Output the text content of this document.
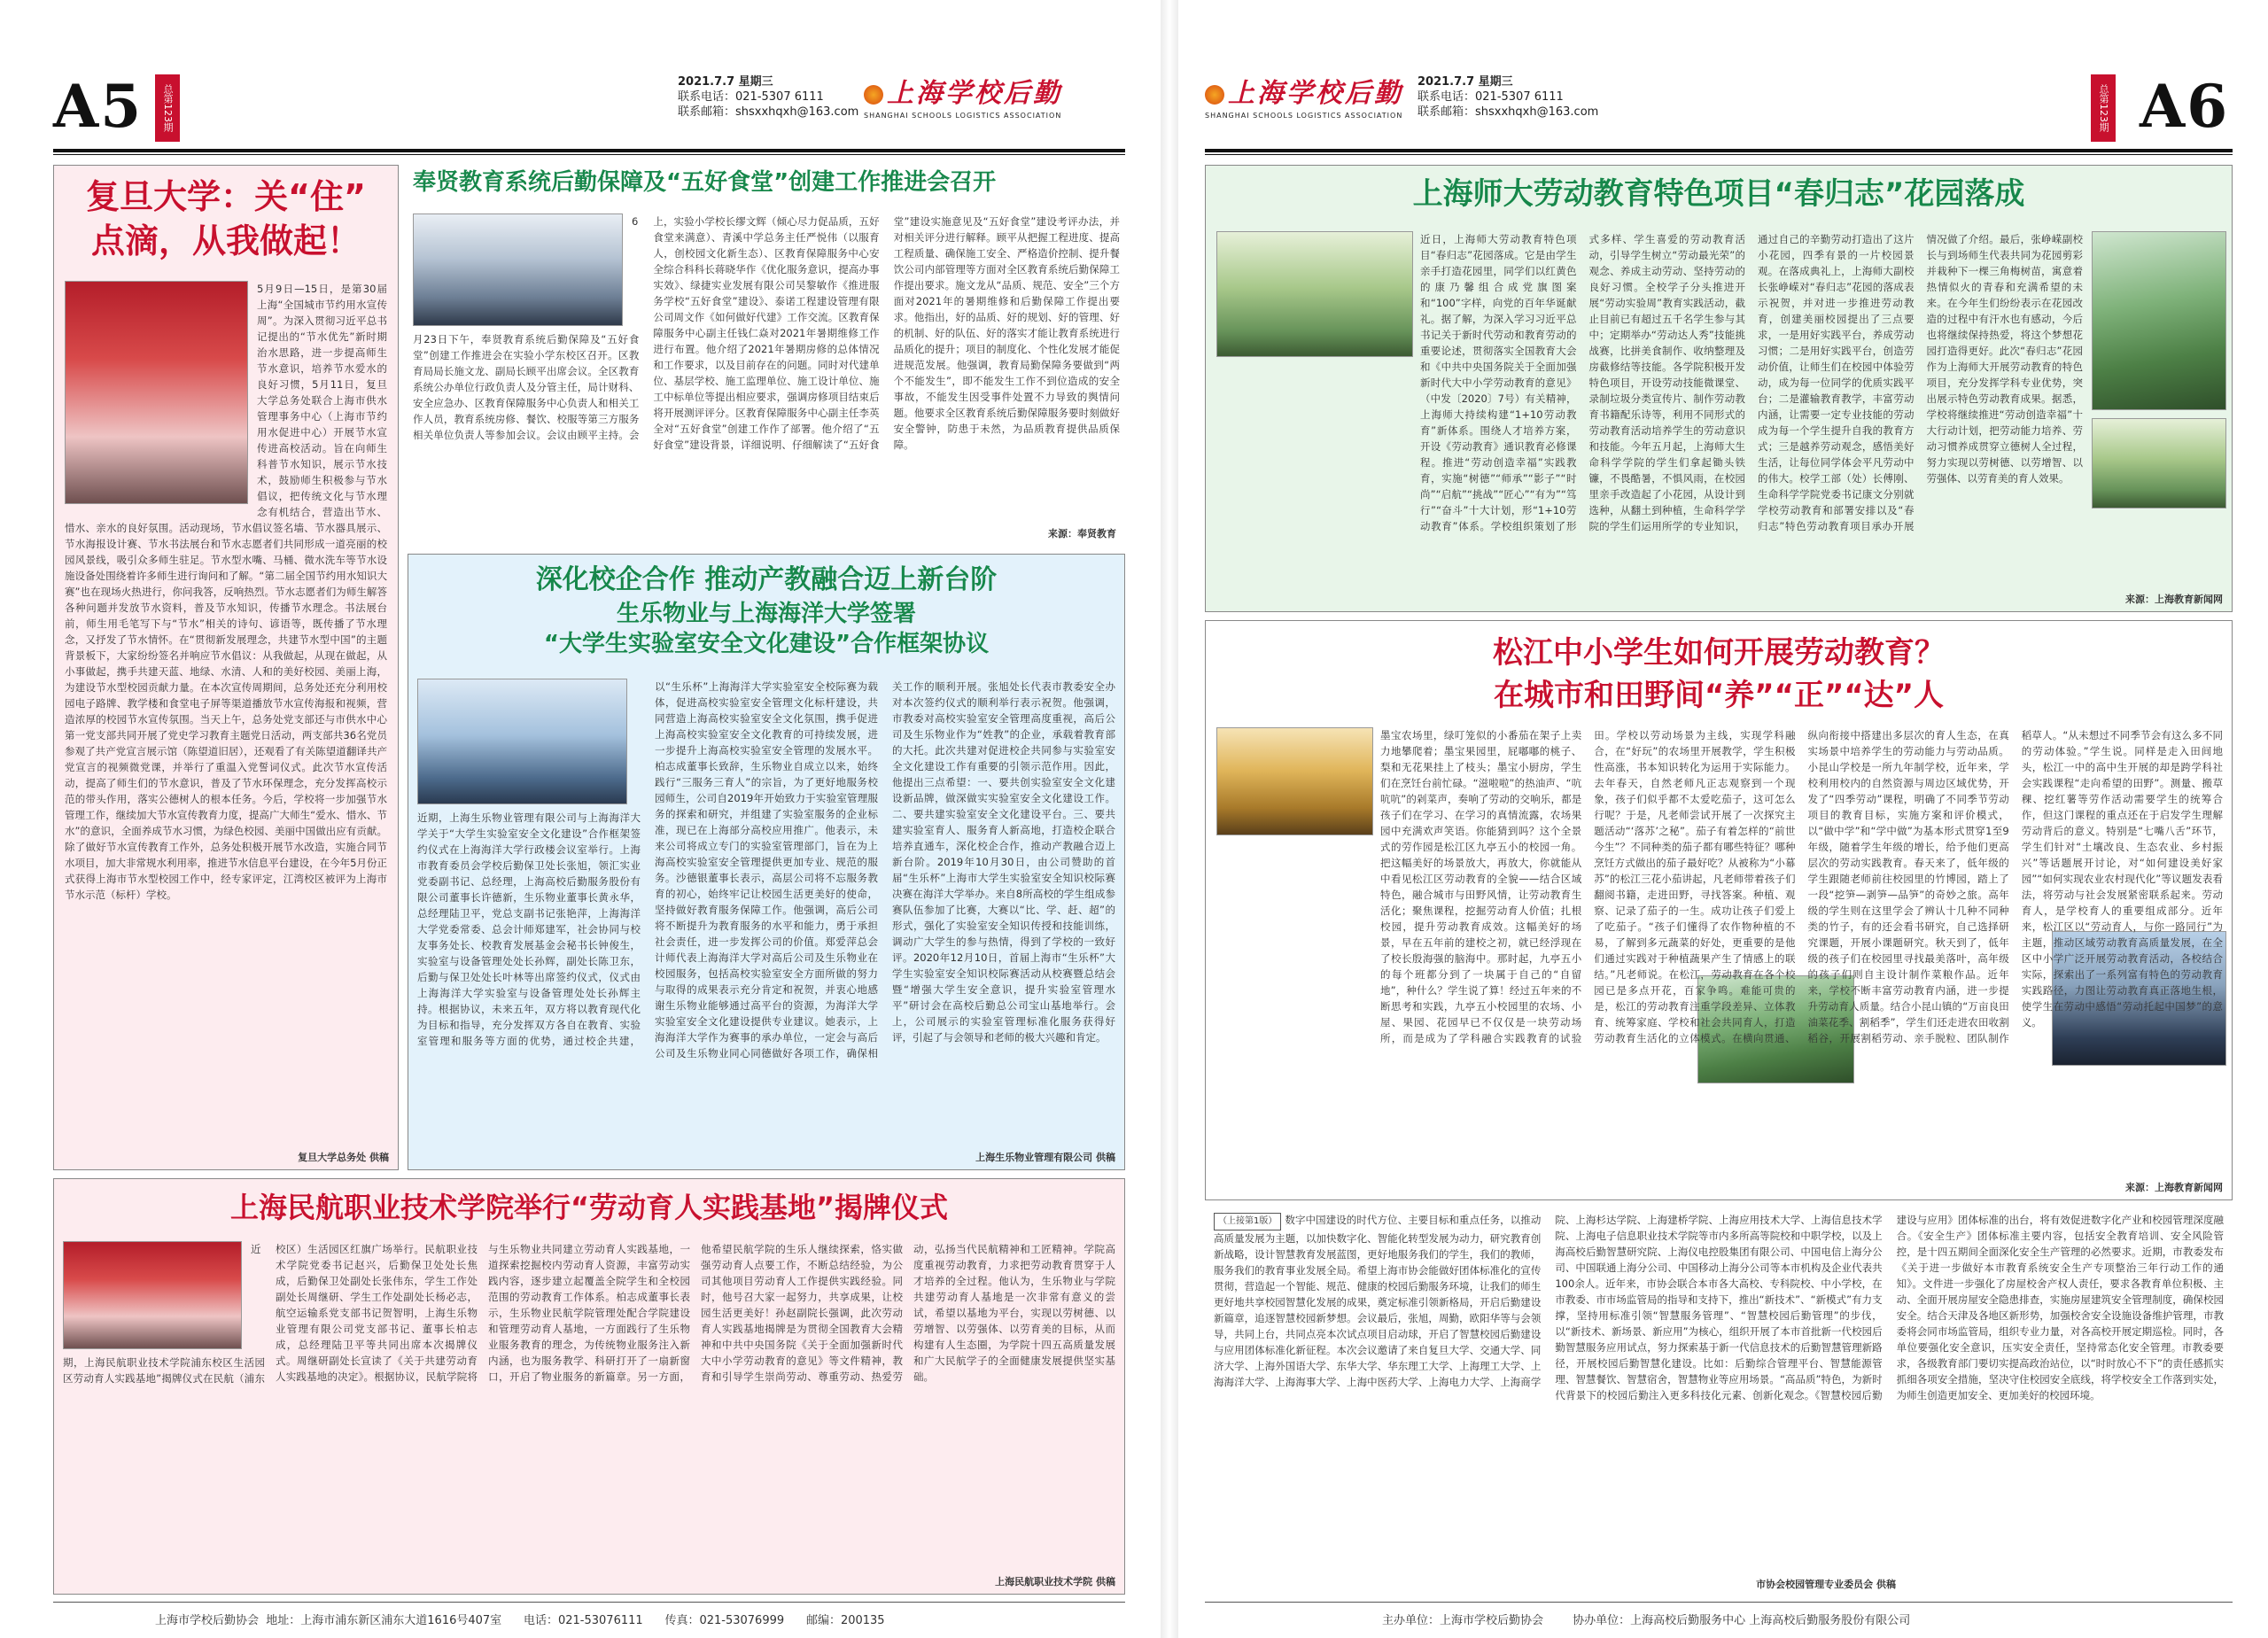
A5	总第123期
2021.7.7 星期三
联系电话：021-5307 6111
联系邮箱：shsxxhqxh@163.com
上海学校后勤
SHANGHAI SCHOOLS LOGISTICS ASSOCIATION
复旦大学：关“住”
点滴，从我做起！
5月9日—15日，是第30届上海“全国城市节约用水宣传周”。为深入贯彻习近平总书记提出的“节水优先”新时期治水思路，进一步提高师生节水意识，培养节水爱水的良好习惯，5月11日，复旦大学总务处联合上海市供水管理事务中心（上海市节约用水促进中心）开展节水宣传进高校活动。旨在向师生科普节水知识，展示节水技术，鼓励师生积极参与节水倡议，把传统文化与节水理念有机结合，营造出节水、惜水、亲水的良好氛围。活动现场，节水倡议签名墙、节水器具展示、节水海报设计赛、节水书法展台和节水志愿者们共同形成一道亮丽的校园风景线，吸引众多师生驻足。节水型水嘴、马桶、微水洗车等节水设施设备处围绕着许多师生进行询问和了解。“第二届全国节约用水知识大赛”也在现场火热进行，你问我答，反响热烈。节水志愿者们为师生解答各种问题并发放节水资料，普及节水知识，传播节水理念。书法展台前，师生用毛笔写下与“节水”相关的诗句、谚语等，既传播了节水理念，又抒发了节水情怀。在“贯彻新发展理念，共建节水型中国”的主题背景板下，大家纷纷签名并响应节水倡议：从我做起，从现在做起，从小事做起，携手共建天蓝、地绿、水清、人和的美好校园、美丽上海，为建设节水型校园贡献力量。在本次宣传周期间，总务处还充分利用校园电子路牌、教学楼和食堂电子屏等渠道播放节水宣传海报和视频，营造浓厚的校园节水宣传氛围。当天上午，总务处党支部还与市供水中心第一党支部共同开展了党史学习教育主题党日活动，两支部共36名党员参观了共产党宣言展示馆（陈望道旧居），还观看了有关陈望道翻译共产党宣言的视频微党课，并举行了重温入党誓词仪式。此次节水宣传活动，提高了师生们的节水意识，普及了节水环保理念，充分发挥高校示范的带头作用，落实公德树人的根本任务。今后，学校将一步加强节水管理工作，继续加大节水宣传教育力度，提高广大师生“爱水、惜水、节水”的意识，全面养成节水习惯，为绿色校园、美丽中国做出应有贡献。除了做好节水宣传教育工作外，总务处积极开展节水改造，实施合同节水项目，加大非常规水利用率，推进节水信息平台建设，在今年5月份正式获得上海市节水型校园工作中，经专家评定，江湾校区被评为上海市节水示范（标杆）学校。
复旦大学总务处 供稿
奉贤教育系统后勤保障及“五好食堂”创建工作推进会召开
6月23日下午，奉贤教育系统后勤保障及“五好食堂”创建工作推进会在实验小学东校区召开。区教育局局长施文龙、副局长顾平出席会议。全区教育系统公办单位行政负责人及分管主任，局计财科、安全应急办、区教育保障服务中心负责人和相关工作人员，教育系统房修、餐饮、校服等第三方服务相关单位负责人等参加会议。会议由顾平主持。会上，实验小学校长缪文辉（倾心尽力促品质，五好食堂来满意）、青溪中学总务主任严悦伟（以服育人，创校园文化新生态）、区教育保障服务中心安全综合科科长蒋晓华作《优化服务意识，提高办事实效》、绿捷实业发展有限公司吴黎敏作《推进服务学校“五好食堂”建设》、泰诺工程建设管理有限公司周文作《如何做好代建》工作交流。区教育保障服务中心副主任钱仁焱对2021年暑期维修工作进行布置。他介绍了2021年暑期房修的总体情况和工作要求，以及目前存在的问题。同时对代建单位、基层学校、施工监理单位、施工设计单位、施工中标单位等提出相应要求，强调房修项目结束后将开展测评评分。区教育保障服务中心副主任李英全对“五好食堂”创建工作作了部署。他介绍了“五好食堂”建设背景，详细说明、仔细解读了“五好食堂”建设实施意见及“五好食堂”建设考评办法，并对相关评分进行解释。顾平从把握工程进度、提高工程质量、确保施工安全、严格造价控制、提升餐饮公司内部管理等方面对全区教育系统后勤保障工作提出要求。施文龙从“品质、规范、安全”三个方面对2021年的暑期维修和后勤保障工作提出要求。他指出，好的品质、好的规划、好的管理、好的机制、好的队伍、好的落实才能让教育系统进行品质化的提升；项目的制度化、个性化发展才能促进规范发展。他强调，教育局勤保障务要做到“两个不能发生”，即不能发生工作不到位造成的安全事故，不能发生因受事件处置不力导致的舆情问题。他要求全区教育系统后勤保障服务要时刻做好安全警钟，防患于未然，为品质教育提供品质保障。
来源：奉贤教育
深化校企合作 推动产教融合迈上新台阶
生乐物业与上海海洋大学签署
“大学生实验室安全文化建设”合作框架协议
近期，上海生乐物业管理有限公司与上海海洋大学关于“大学生实验室安全文化建设”合作框架签约仪式在上海海洋大学行政楼会议室举行。上海市教育委员会学校后勤保卫处长张旭，领汇实业党委副书记、总经理，上海高校后勤服务股份有限公司董事长许德新，生乐物业董事长黄永华，总经理陆卫平，党总支副书记张艳萍，上海海洋大学党委常委、总会计师郑建军，社会协同与校友事务处长、校教育发展基金会秘书长钟俊生，实验室与设备管理处处长孙辉，副处长陈卫东，后勤与保卫处处长叶林等出席签约仪式，仪式由上海海洋大学实验室与设备管理处处长孙辉主持。根据协议，未来五年，双方将以教育现代化为目标和指导，充分发挥双方各自在教育、实验室管理和服务等方面的优势，通过校企共建，以“生乐杯”上海海洋大学实验室安全校际赛为载体，促进高校实验室安全管理文化标杆建设，共同营造上海高校实验室安全文化氛围，携手促进上海高校实验室安全文化教育的可持续发展，进一步提升上海高校实验室安全管理的发展水平。柏志成董事长致辞，生乐物业自成立以来，始终践行“三服务三育人”的宗旨，为了更好地服务校园师生，公司自2019年开始致力于实验室管理服务的探索和研究，并组建了实验室服务的企业标准，现已在上海部分高校应用推广。他表示，未来公司将成立专门的实验室管理部门，旨在为上海高校实验室安全管理提供更加专业、规范的服务。沙德银董事长表示，高层公司将不忘服务教育的初心，始终牢记让校园生活更美好的使命，坚持做好教育服务保障工作。他强调，高后公司将不断提升为教育服务的水平和能力，勇于承担社会责任，进一步发挥公司的价值。郑爱萍总会计师代表上海海洋大学对高后公司及生乐物业在校园服务，包括高校实验室安全方面所做的努力与取得的成果表示充分肯定和祝贺，并衷心地感谢生乐物业能够通过高平台的资源，为海洋大学实验室安全文化建设提供专业建议。她表示，上海海洋大学作为赛事的承办单位，一定会与高后公司及生乐物业同心同德做好各项工作，确保相关工作的顺利开展。张旭处长代表市教委安全办对本次签约仪式的顺利举行表示祝贺。他强调，市教委对高校实验室安全管理高度重视，高后公司及生乐物业作为“姓教”的企业，承载着教育部的大托。此次共建对促进校企共同参与实验室安全文化建设工作有重要的引领示范作用。因此，他提出三点希望：一、要共创实验室安全文化建设新品牌，做深做实实验室安全文化建设工作。二、要共建实验室安全文化建设平台。三、要共建实验室育人、服务育人新高地，打造校企联合培养直通车，深化校企合作，推动产教融合迈上新台阶。2019年10月30日，由公司赞助的首届“生乐杯”上海市大学生实验室安全知识校际赛决赛在海洋大学举办。来自8所高校的学生组成参赛队伍参加了比赛，大赛以“比、学、赶、超”的形式，强化了实验室安全知识传授和技能训练，调动广大学生的参与热情，得到了学校的一致好评。2020年12月10日，首届上海市“生乐杯”大学生实验室安全知识校际赛活动从校赛暨总结会暨“增强大学生安全意识，提升实验室管理水平”研讨会在高校后勤总公司宝山基地举行。会上，公司展示的实验室管理标准化服务获得好评，引起了与会领导和老师的极大兴趣和肯定。
上海生乐物业管理有限公司 供稿
上海民航职业技术学院举行“劳动育人实践基地”揭牌仪式
近期，上海民航职业技术学院浦东校区生活园区劳动育人实践基地”揭牌仪式在民航（浦东校区）生活园区红旗广场举行。民航职业技术学院党委书记赵兴，后勤保卫处处长焦成，后勤保卫处副处长张伟东，学生工作处副处长周继研、学生工作处副处长杨必志，航空运输系党支部书记贺智明，上海生乐物业管理有限公司党支部书记、董事长柏志成，总经理陆卫平等共同出席本次揭牌仪式。周继研副处长宣读了《关于共建劳动育人实践基地的决定》。根据协议，民航学院将与生乐物业共同建立劳动育人实践基地，一道探索挖掘校内劳动育人资源，丰富劳动实践内容，逐步建立起覆盖全院学生和全校园范围的劳动教育工作体系。柏志成董事长表示，生乐物业民航学院管理处配合学院建设和管理劳动育人基地，一方面践行了生乐物业服务教育的理念，为传统物业服务注入新内涵，也为服务教学、科研打开了一扇新窗口，开启了物业服务的新篇章。另一方面，他希望民航学院的生乐人继续探索，恪实做强劳动育人点要工作，不断总结经验，为公司其他项目劳动育人工作提供实践经验。同时，他号召大家一起努力，共享成果，让校园生活更美好！孙赵副院长强调，此次劳动育人实践基地揭牌是为贯彻全国教育大会精神和中共中央国务院《关于全面加强新时代大中小学劳动教育的意见》等文件精神，教育和引导学生崇尚劳动、尊重劳动、热爱劳动，弘扬当代民航精神和工匠精神。学院高度重视劳动教育，力求把劳动教育贯穿于人才培养的全过程。他认为，生乐物业与学院共建劳动育人基地是一次非常有意义的尝试，希望以基地为平台，实现以劳树德、以劳增智、以劳强体、以劳育美的目标，从而构建有人生态圈，为学院十四五高质量发展和广大民航学子的全面健康发展提供坚实基础。
上海民航职业技术学院 供稿
上海市学校后勤协会 地址：上海市浦东新区浦东大道1616号407室 电话：021-53076111 传真：021-53076999 邮编：200135
上海学校后勤
SHANGHAI SCHOOLS LOGISTICS ASSOCIATION
2021.7.7 星期三
联系电话：021-5307 6111
联系邮箱：shsxxhqxh@163.com	总第123期 A6
上海师大劳动教育特色项目“春归志”花园落成
近日，上海师大劳动教育特色项目“春归志”花园落成。它是由学生亲手打造花园里，同学们以红黄色的康乃馨组合成党旗图案和“100”字样，向党的百年华诞献礼。据了解，为深入学习习近平总书记关于新时代劳动和教育劳动的重要论述，贯彻落实全国教育大会和《中共中央国务院关于全面加强新时代大中小学劳动教育的意见》（中发〔2020〕7号）有关精神，上海师大持续构建“1+10劳动教育”新体系。围绕人才培养方案，开设《劳动教育》通识教育必修课程。推进“劳动创造幸福”实践教育，实施“树德”“师承”“影子”“时尚”“启航”“挑战”“匠心”“有为”“笃行”“奋斗”十大计划，形“1+10劳动教育”体系。学校组织策划了形式多样、学生喜爱的劳动教育活动，引导学生树立“劳动最光荣”的观念、养成主动劳动、坚持劳动的良好习惯。全校学子分头推进开展“劳动实验周”教育实践活动，截止目前已有超过五千名学生参与其中；定期举办“劳动达人秀”技能挑战赛，比拼美食制作、收纳整理及房截修结等技能。各学院积极开发特色项目，开设劳动技能微课堂、录制垃圾分类宣传片、制作劳动教育书籍配乐诗等，利用不同形式的劳动教育活动培养学生的劳动意识和技能。今年五月起，上海师大生命科学学院的学生们拿起锄头铁镰，不畏酷暑，不惧风雨，在校园里亲手改造起了小花园，从设计到选种，从翻土到种植，生命科学学院的学生们运用所学的专业知识，通过自己的辛勤劳动打造出了这片小花园，四季有景的一片校园景观。在落成典礼上，上海师大副校长张峥嵘对“春归志”花园的落成表示祝贺，并对进一步推进劳动教育，创建美丽校园提出了三点要求，一是用好实践平台，养成劳动习惯；二是用好实践平台，创造劳动价值，让师生们在校园中体验劳动，成为每一位同学的优质实践平台；二是灌输教育教学，丰富劳动内涵，让需要一定专业技能的劳动成为每一个学生提升自我的教育方式；三是越养劳动观念，感悟美好生活，让每位同学体会平凡劳动中的伟大。校学工部（处）长傅刚、生命科学学院党委书记康文分别就学校劳动教育和部署安排以及“春归志”特色劳动教育项目承办开展情况做了介绍。最后，张峥嵘副校长与到场师生代表共同为花园剪彩并栽种下一棵三角梅树苗，寓意着热情似火的青春和充满希望的未来。在今年生们纷纷表示在花园改造的过程中有汗水也有感动，今后也将继续保持热爱，将这个梦想花园打造得更好。此次“春归志”花园作为上海师大开展劳动教育的特色项目，充分发挥学科专业优势，突出展示特色劳动教育成果。据悉，学校将继续推进“劳动创造幸福”十大行动计划，把劳动能力培养、劳动习惯养成贯穿立德树人全过程，努力实现以劳树德、以劳增智、以劳强体、以劳育美的育人效果。
来源：上海教育新闻网
松江中小学生如何开展劳动教育？
在城市和田野间“养”“正”“达”人
墨宝农场里，绿叮笼似的小番茄在架子上卖力地攀爬着；墨宝果园里，屁嘟嘟的桃子、梨和无花果挂上了枝头；墨宝小厨房，学生们在烹饪台前忙碌。“滋啦啦”的热油声、“吭吭吭”的剁菜声，奏响了劳动的交响乐，都是孩子们在学习、在学习的真情流露，农场果园中充满欢声笑语。你能猜到吗？这个全景式的劳作园是松江区九亭五小的校园一角。把这幅美好的场景放大，再放大，你就能从中看见松江区劳动教育的全貌——结合区域特色，融合城市与田野风情，让劳动教育生活化；聚焦课程，挖掘劳动育人价值；扎根校园，提升劳动教育成效。这幅美好的场景，早在五年前的建校之初，就已经浮现在了校长殷海强的脑海中。那时起，九亭五小的每个班都分到了一块属于自己的“自留地”，种什么？学生说了算！经过五年来的不断思考和实践，九亭五小校园里的农场、小屋、果园、花园早已不仅仅是一块劳动场所，而是成为了学科融合实践教育的试验田。学校以劳动场景为主线，实现学科融合，在“好玩”的农场里开展教学，学生积极性高涨，书本知识转化为运用于实际能力。去年春天，自然老师凡正志观察到一个现象，孩子们似乎都不太爱吃茄子，这可怎么行呢？于是，凡老师尝试开展了一次探究主题活动“‘落苏’之秘”。茄子有着怎样的“前世今生”？不同种类的茄子都有哪些特征？哪种烹饪方式做出的茄子最好吃？从被称为“小幕苏”的松江三花小茄讲起，凡老师带着孩子们翻阅书籍，走进田野，寻找答案。种植、观察、记录了茄子的一生。成功让孩子们爱上了吃茄子。“孩子们懂得了农作物种植的不易，了解到多元蔬菜的好处，更重要的是他们通过实践对于种植蔬果产生了情感上的联结。”凡老师说。在松江，劳动教育在各个校园已是多点开花，百家争鸣。难能可贵的是，松江的劳动教育注重学段差异、立体教育、统筹家庭、学校和社会共同育人，打造劳动教育生活化的立体模式。在横向贯通、纵向衔接中搭建出多层次的育人生态，在真实场景中培养学生的劳动能力与劳动品质。小昆山学校是一所九年制学校，近年来，学校利用校内的自然资源与周边区域优势，开发了“四季劳动”课程，明确了不同季节劳动项目的教育目标，实施方案和评价模式，以“做中学”和“学中做”为基本形式贯穿1至9年级，随着学生年级的增长，给予他们更高层次的劳动实践教育。春天来了，低年级的学生跟随老师前往校园里的竹博园，踏上了一段“挖笋—剥笋—品笋”的奇妙之旅。高年级的学生则在这里学会了辨认十几种不同种类的竹子，有的还会看书研究，自己选择研究课题，开展小课题研究。秋天到了，低年级的孩子们在校园里寻找最美落叶，高年级的孩子们则自主设计制作菜粮作品。近年来，学校不断丰富劳动教育内涵，进一步提升劳动育人质量。结合小昆山镇的“万亩良田油菜花季、割稻季”，学生们还走进农田收割稻谷，开展割稻劳动、亲手脱粒、团队制作稻草人。“从未想过不同季节会有这么多不同的劳动体验。”学生说。同样是走入田间地头，松江一中的高中生开展的却是跨学科社会实践课程“走向希望的田野”。测量、搬草稞、挖红薯等劳作活动需要学生的统筹合作，但这门课程的重点还在于启发学生理解劳动背后的意义。特别是“七嘴八舌”环节，学生们针对“土壤改良、生态农业、乡村振兴”等话题展开讨论，对“如何建设美好家园”“如何实现农业农村现代化”等议题发表看法，将劳动与社会发展紧密联系起来。劳动育人，是学校育人的重要组成部分。近年来，松江区以“劳动育人，与你一路同行”为主题，推动区域劳动教育高质量发展，在全区中小学广泛开展劳动教育活动，各校结合实际，探索出了一系列富有特色的劳动教育实践路径，力图让劳动教育真正落地生根，使学生在劳动中感悟“劳动托起中国梦”的意义。
来源：上海教育新闻网
（上接第1版） 数字中国建设的时代方位、主要目标和重点任务，以推动高质量发展为主题，以加快数字化、智能化转型发展为动力，研究教育创新战略，设计智慧教育发展蓝图，更好地服务我们的学生，我们的教师，服务我们的教育事业发展全局。希望上海市协会能做好团体标准化的宣传贯彻，营造起一个智能、规范、健康的校园后勤服务环境，让我们的师生更好地共享校园智慧化发展的成果，奠定标准引领新格局，开启后勤建设新篇章，追逐智慧校园新梦想。会议最后，张旭，周勤，欧阳华等与会领导，共同上台，共同点亮本次试点项目启动球，开启了智慧校园后勤建设与应用团体标准化新征程。本次会议邀请了来自复旦大学、交通大学、同济大学、上海外国语大学、东华大学、华东理工大学、上海理工大学、上海海洋大学、上海海事大学、上海中医药大学、上海电力大学、上海商学院、上海杉达学院、上海建桥学院、上海应用技术大学、上海信息技术学院、上海电子信息职业技术学院等市内多所高等院校和中职学校，以及上海高校后勤智慧研究院、上海仪电控股集团有限公司、中国电信上海分公司、中国联通上海分公司、中国移动上海分公司等本市机构及企业代表共100余人。近年来，市协会联合本市各大高校、专科院校、中小学校，在市教委、市市场监管局的指导和支持下，推出“新技术”、“新模式”有力支撑，坚持用标准引领“智慧服务管理”、“智慧校园后勤管理”的步伐，以“新技术、新场景、新应用”为核心，组织开展了本市首批新一代校园后勤智慧服务应用试点，努力探索基于新一代信息技术的后勤智慧管理新路径，开展校园后勤智慧化建设。比如：后勤综合管理平台、智慧能源管理、智慧餐饮、智慧宿舍，智慧物业等应用场景。“高品质”特色，为新时代背景下的校园后勤注入更多科技化元素、创新化观念。《智慧校园后勤建设与应用》团体标准的出台，将有效促进数字化产业和校园管理深度融合。《安全生产》团体标准主要内容，包括安全教育培训、安全风险管控，是十四五期间全面深化安全生产管理的必然要求。近期，市教委发布《关于进一步做好本市教育系统安全生产专项整治三年行动工作的通知》。文件进一步强化了房屋校舍产权人责任，要求各教育单位积极、主动、全面开展房屋安全隐患排查，实施房屋建筑安全管理制度，确保校园安全。结合天津及各地区新形势，加强校舍安全设施设备维护管理，市教委将会同市场监管局，组织专业力量，对各高校开展定期巡检。同时，各单位要强化安全意识，压实安全责任，坚持常态化安全管理。市教委要求，各级教育部门要切实提高政治站位，以“时时放心不下”的责任感抓实抓细各项安全措施，坚决守住校园安全底线，将学校安全工作落到实处，为师生创造更加安全、更加美好的校园环境。
市协会校园管理专业委员会 供稿
主办单位：上海市学校后勤协会	协办单位：上海高校后勤服务中心 上海高校后勤服务股份有限公司
